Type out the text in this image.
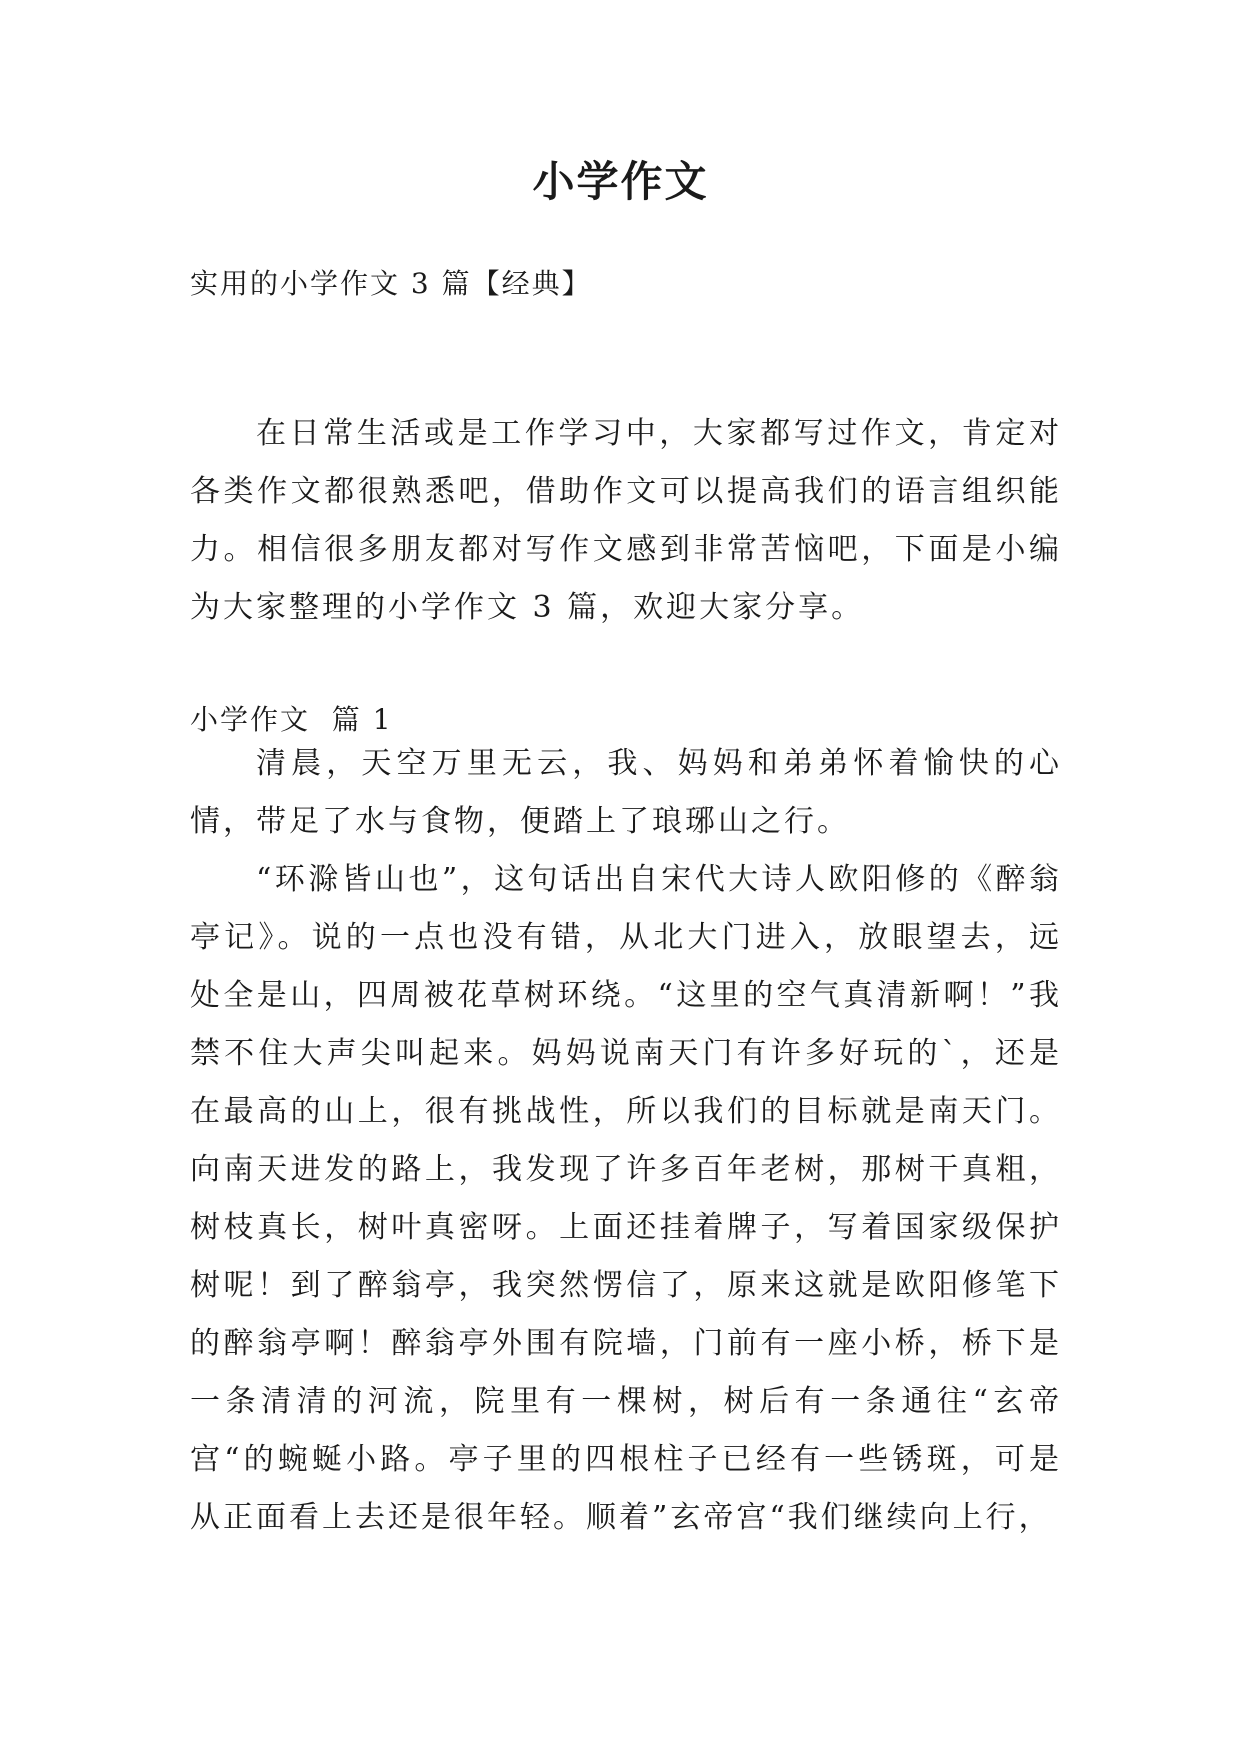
小学作文

实用的小学作文 3 篇【经典】

在日常生活或是工作学习中，大家都写过作文，肯定对各类作文都很熟悉吧，借助作文可以提高我们的语言组织能力。相信很多朋友都对写作文感到非常苦恼吧，下面是小编为大家整理的小学作文 3 篇，欢迎大家分享。

小学作文  篇 1

清晨，天空万里无云，我、妈妈和弟弟怀着愉快的心情，带足了水与食物，便踏上了琅琊山之行。

“环滁皆山也”，这句话出自宋代大诗人欧阳修的《醉翁亭记》。说的一点也没有错，从北大门进入，放眼望去，远处全是山，四周被花草树环绕。“这里的空气真清新啊！”我禁不住大声尖叫起来。妈妈说南天门有许多好玩的`，还是在最高的山上，很有挑战性，所以我们的目标就是南天门。向南天进发的路上，我发现了许多百年老树，那树干真粗，树枝真长，树叶真密呀。上面还挂着牌子，写着国家级保护树呢！到了醉翁亭，我突然愣信了，原来这就是欧阳修笔下的醉翁亭啊！醉翁亭外围有院墙，门前有一座小桥，桥下是一条清清的河流，院里有一棵树，树后有一条通往“玄帝宫“的蜿蜒小路。亭子里的四根柱子已经有一些锈斑，可是从正面看上去还是很年轻。顺着”玄帝宫“我们继续向上行，
